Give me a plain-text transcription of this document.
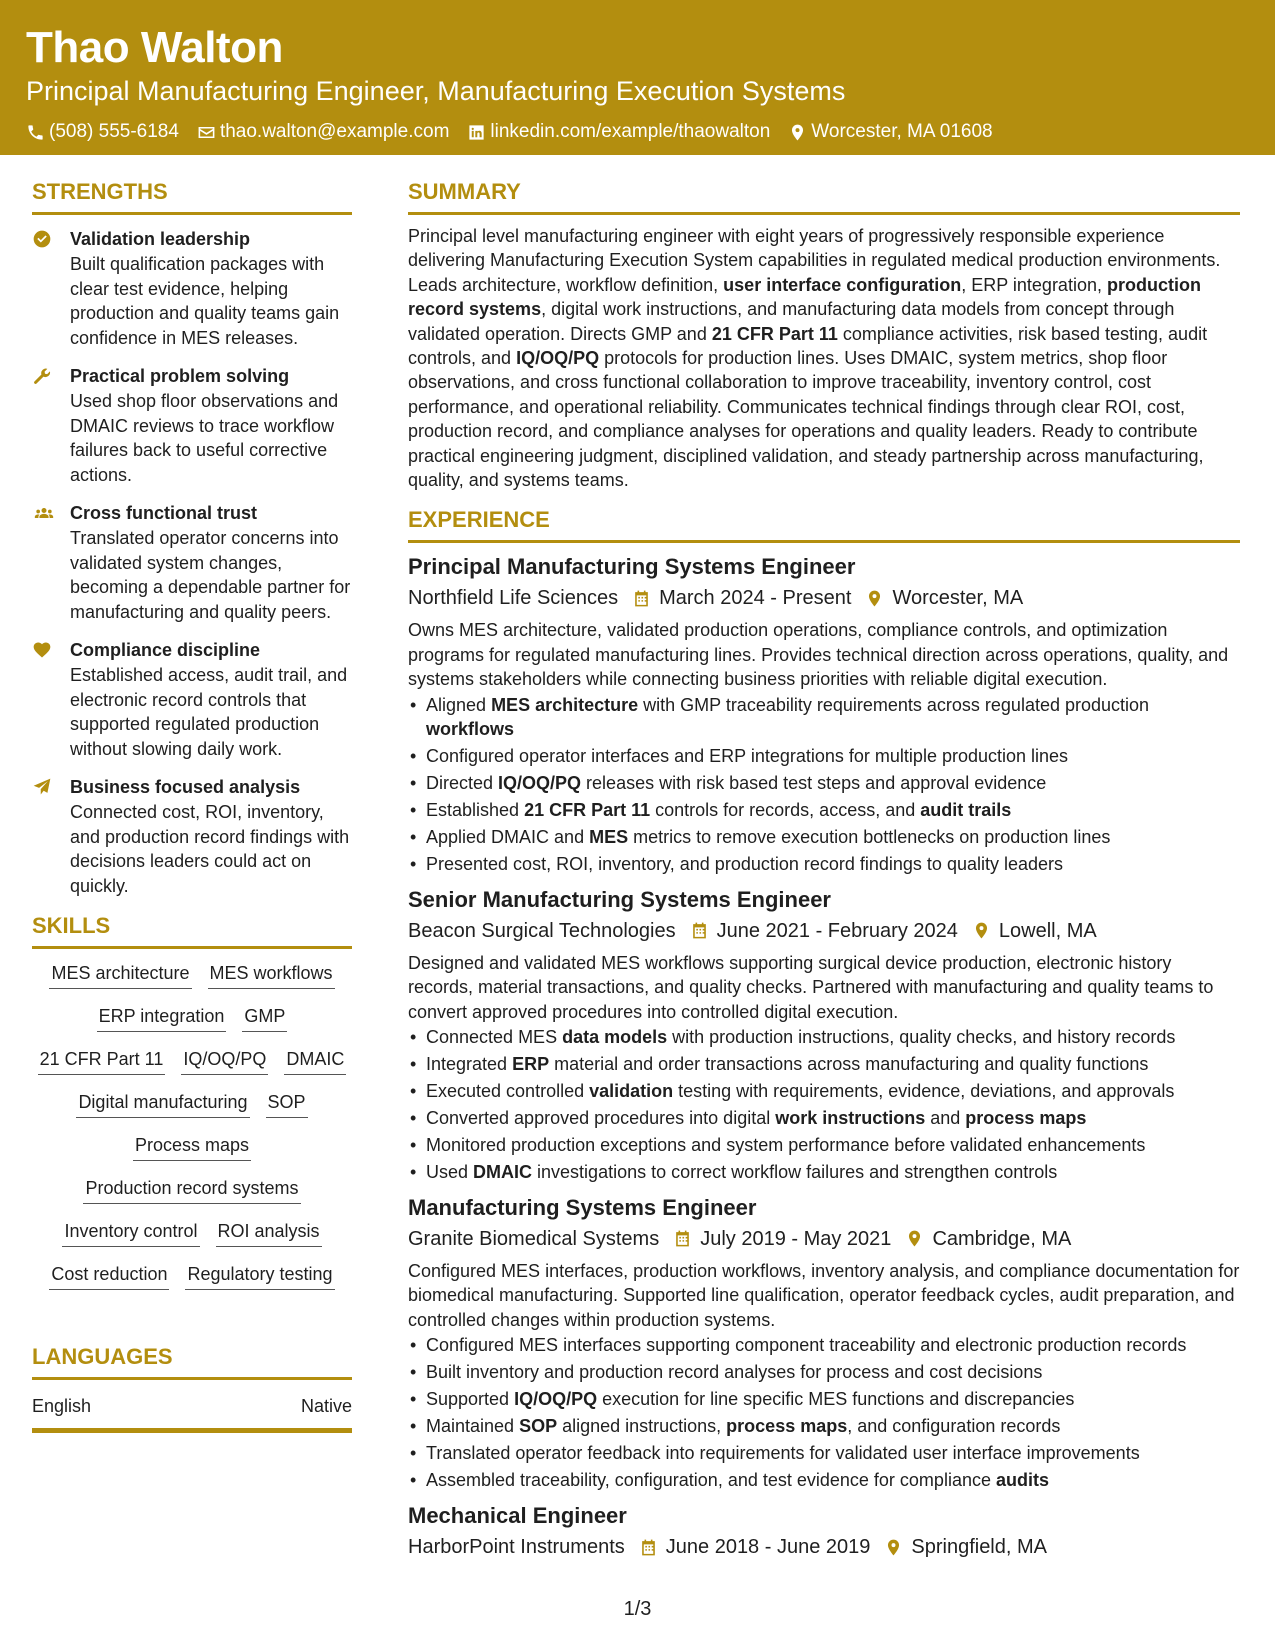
Thao Walton
Principal Manufacturing Engineer, Manufacturing Execution Systems
(508) 555-6184 thao.walton@example.com linkedin.com/example/thaowalton Worcester, MA 01608
STRENGTHS
Validation leadership
Built qualification packages with clear test evidence, helping production and quality teams gain confidence in MES releases.
Practical problem solving
Used shop floor observations and DMAIC reviews to trace workflow failures back to useful corrective actions.
Cross functional trust
Translated operator concerns into validated system changes, becoming a dependable partner for manufacturing and quality peers.
Compliance discipline
Established access, audit trail, and electronic record controls that supported regulated production without slowing daily work.
Business focused analysis
Connected cost, ROI, inventory, and production record findings with decisions leaders could act on quickly.
SKILLS
MES architecture MES workflows
ERP integration GMP
21 CFR Part 11 IQ/OQ/PQ DMAIC
Digital manufacturing SOP
Process maps
Production record systems
Inventory control ROI analysis
Cost reduction Regulatory testing
LANGUAGES
English	Native
SUMMARY
Principal level manufacturing engineer with eight years of progressively responsible experience delivering Manufacturing Execution System capabilities in regulated medical production environments. Leads architecture, workflow definition, user interface configuration, ERP integration, production record systems, digital work instructions, and manufacturing data models from concept through validated operation. Directs GMP and 21 CFR Part 11 compliance activities, risk based testing, audit controls, and IQ/OQ/PQ protocols for production lines. Uses DMAIC, system metrics, shop floor observations, and cross functional collaboration to improve traceability, inventory control, cost performance, and operational reliability. Communicates technical findings through clear ROI, cost, production record, and compliance analyses for operations and quality leaders. Ready to contribute practical engineering judgment, disciplined validation, and steady partnership across manufacturing, quality, and systems teams.
EXPERIENCE
Principal Manufacturing Systems Engineer
Northfield Life Sciences March 2024 - Present Worcester, MA
Owns MES architecture, validated production operations, compliance controls, and optimization programs for regulated manufacturing lines. Provides technical direction across operations, quality, and systems stakeholders while connecting business priorities with reliable digital execution.
• Aligned MES architecture with GMP traceability requirements across regulated production workflows
• Configured operator interfaces and ERP integrations for multiple production lines
• Directed IQ/OQ/PQ releases with risk based test steps and approval evidence
• Established 21 CFR Part 11 controls for records, access, and audit trails
• Applied DMAIC and MES metrics to remove execution bottlenecks on production lines
• Presented cost, ROI, inventory, and production record findings to quality leaders
Senior Manufacturing Systems Engineer
Beacon Surgical Technologies June 2021 - February 2024 Lowell, MA
Designed and validated MES workflows supporting surgical device production, electronic history records, material transactions, and quality checks. Partnered with manufacturing and quality teams to convert approved procedures into controlled digital execution.
• Connected MES data models with production instructions, quality checks, and history records
• Integrated ERP material and order transactions across manufacturing and quality functions
• Executed controlled validation testing with requirements, evidence, deviations, and approvals
• Converted approved procedures into digital work instructions and process maps
• Monitored production exceptions and system performance before validated enhancements
• Used DMAIC investigations to correct workflow failures and strengthen controls
Manufacturing Systems Engineer
Granite Biomedical Systems July 2019 - May 2021 Cambridge, MA
Configured MES interfaces, production workflows, inventory analysis, and compliance documentation for biomedical manufacturing. Supported line qualification, operator feedback cycles, audit preparation, and controlled changes within production systems.
• Configured MES interfaces supporting component traceability and electronic production records
• Built inventory and production record analyses for process and cost decisions
• Supported IQ/OQ/PQ execution for line specific MES functions and discrepancies
• Maintained SOP aligned instructions, process maps, and configuration records
• Translated operator feedback into requirements for validated user interface improvements
• Assembled traceability, configuration, and test evidence for compliance audits
Mechanical Engineer
HarborPoint Instruments June 2018 - June 2019 Springfield, MA
1/3
